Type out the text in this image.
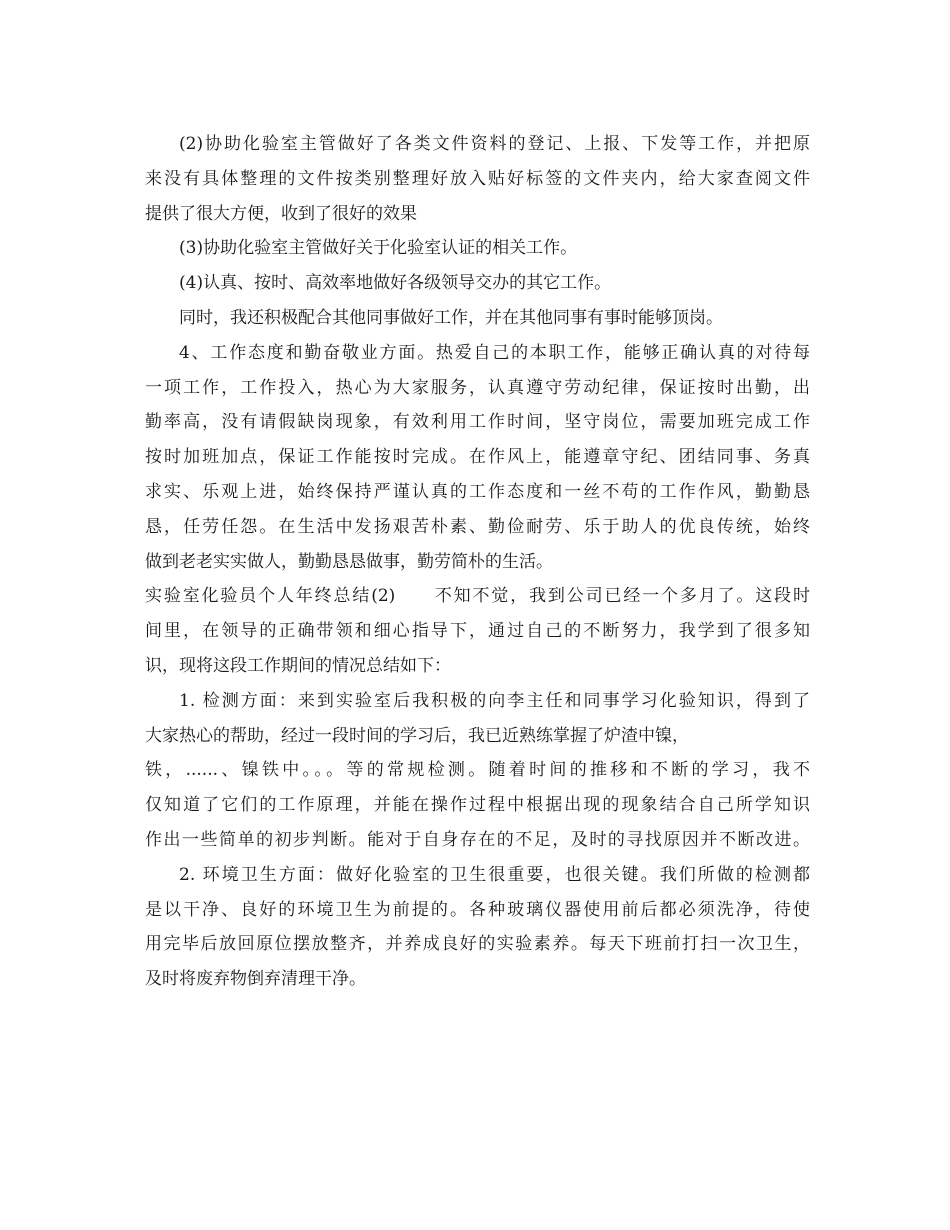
(2)协助化验室主管做好了各类文件资料的登记、上报、下发等工作，并把原
来没有具体整理的文件按类别整理好放入贴好标签的文件夹内，给大家查阅文件
提供了很大方便，收到了很好的效果

(3)协助化验室主管做好关于化验室认证的相关工作。

(4)认真、按时、高效率地做好各级领导交办的其它工作。

同时，我还积极配合其他同事做好工作，并在其他同事有事时能够顶岗。

4、工作态度和勤奋敬业方面。热爱自己的本职工作，能够正确认真的对待每
一项工作，工作投入，热心为大家服务，认真遵守劳动纪律，保证按时出勤，出
勤率高，没有请假缺岗现象，有效利用工作时间，坚守岗位，需要加班完成工作
按时加班加点，保证工作能按时完成。在作风上，能遵章守纪、团结同事、务真
求实、乐观上进，始终保持严谨认真的工作态度和一丝不苟的工作作风，勤勤恳
恳，任劳任怨。在生活中发扬艰苦朴素、勤俭耐劳、乐于助人的优良传统，始终
做到老老实实做人，勤勤恳恳做事，勤劳简朴的生活。

实验室化验员个人年终总结(2)　　不知不觉，我到公司已经一个多月了。这段时
间里，在领导的正确带领和细心指导下，通过自己的不断努力，我学到了很多知
识，现将这段工作期间的情况总结如下：

1. 检测方面：来到实验室后我积极的向李主任和同事学习化验知识，得到了
大家热心的帮助，经过一段时间的学习后，我已近熟练掌握了炉渣中镍，
铁，......、镍铁中。。。等的常规检测。随着时间的推移和不断的学习，我不
仅知道了它们的工作原理，并能在操作过程中根据出现的现象结合自己所学知识
作出一些简单的初步判断。能对于自身存在的不足，及时的寻找原因并不断改进。

2. 环境卫生方面：做好化验室的卫生很重要，也很关键。我们所做的检测都
是以干净、良好的环境卫生为前提的。各种玻璃仪器使用前后都必须洗净，待使
用完毕后放回原位摆放整齐，并养成良好的实验素养。每天下班前打扫一次卫生，
及时将废弃物倒弃清理干净。
